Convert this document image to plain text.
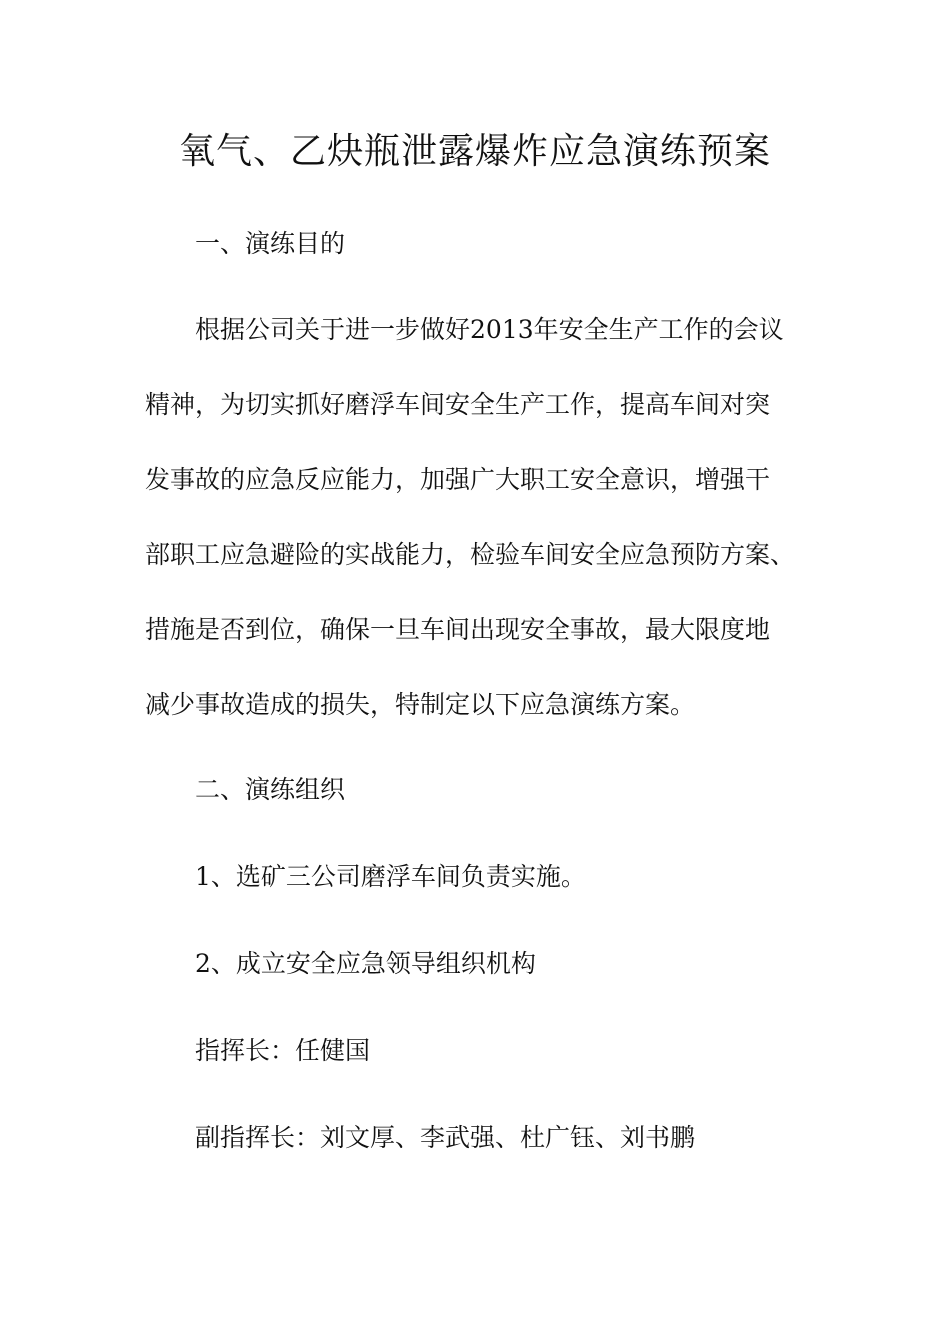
氧气、乙炔瓶泄露爆炸应急演练预案
一、演练目的
根据公司关于进一步做好2013年安全生产工作的会议
精神，为切实抓好磨浮车间安全生产工作，提高车间对突
发事故的应急反应能力，加强广大职工安全意识，增强干
部职工应急避险的实战能力，检验车间安全应急预防方案、
措施是否到位，确保一旦车间出现安全事故，最大限度地
减少事故造成的损失，特制定以下应急演练方案。
二、演练组织
1、选矿三公司磨浮车间负责实施。
2、成立安全应急领导组织机构
指挥长：任健国
副指挥长：刘文厚、李武强、杜广钰、刘书鹏
